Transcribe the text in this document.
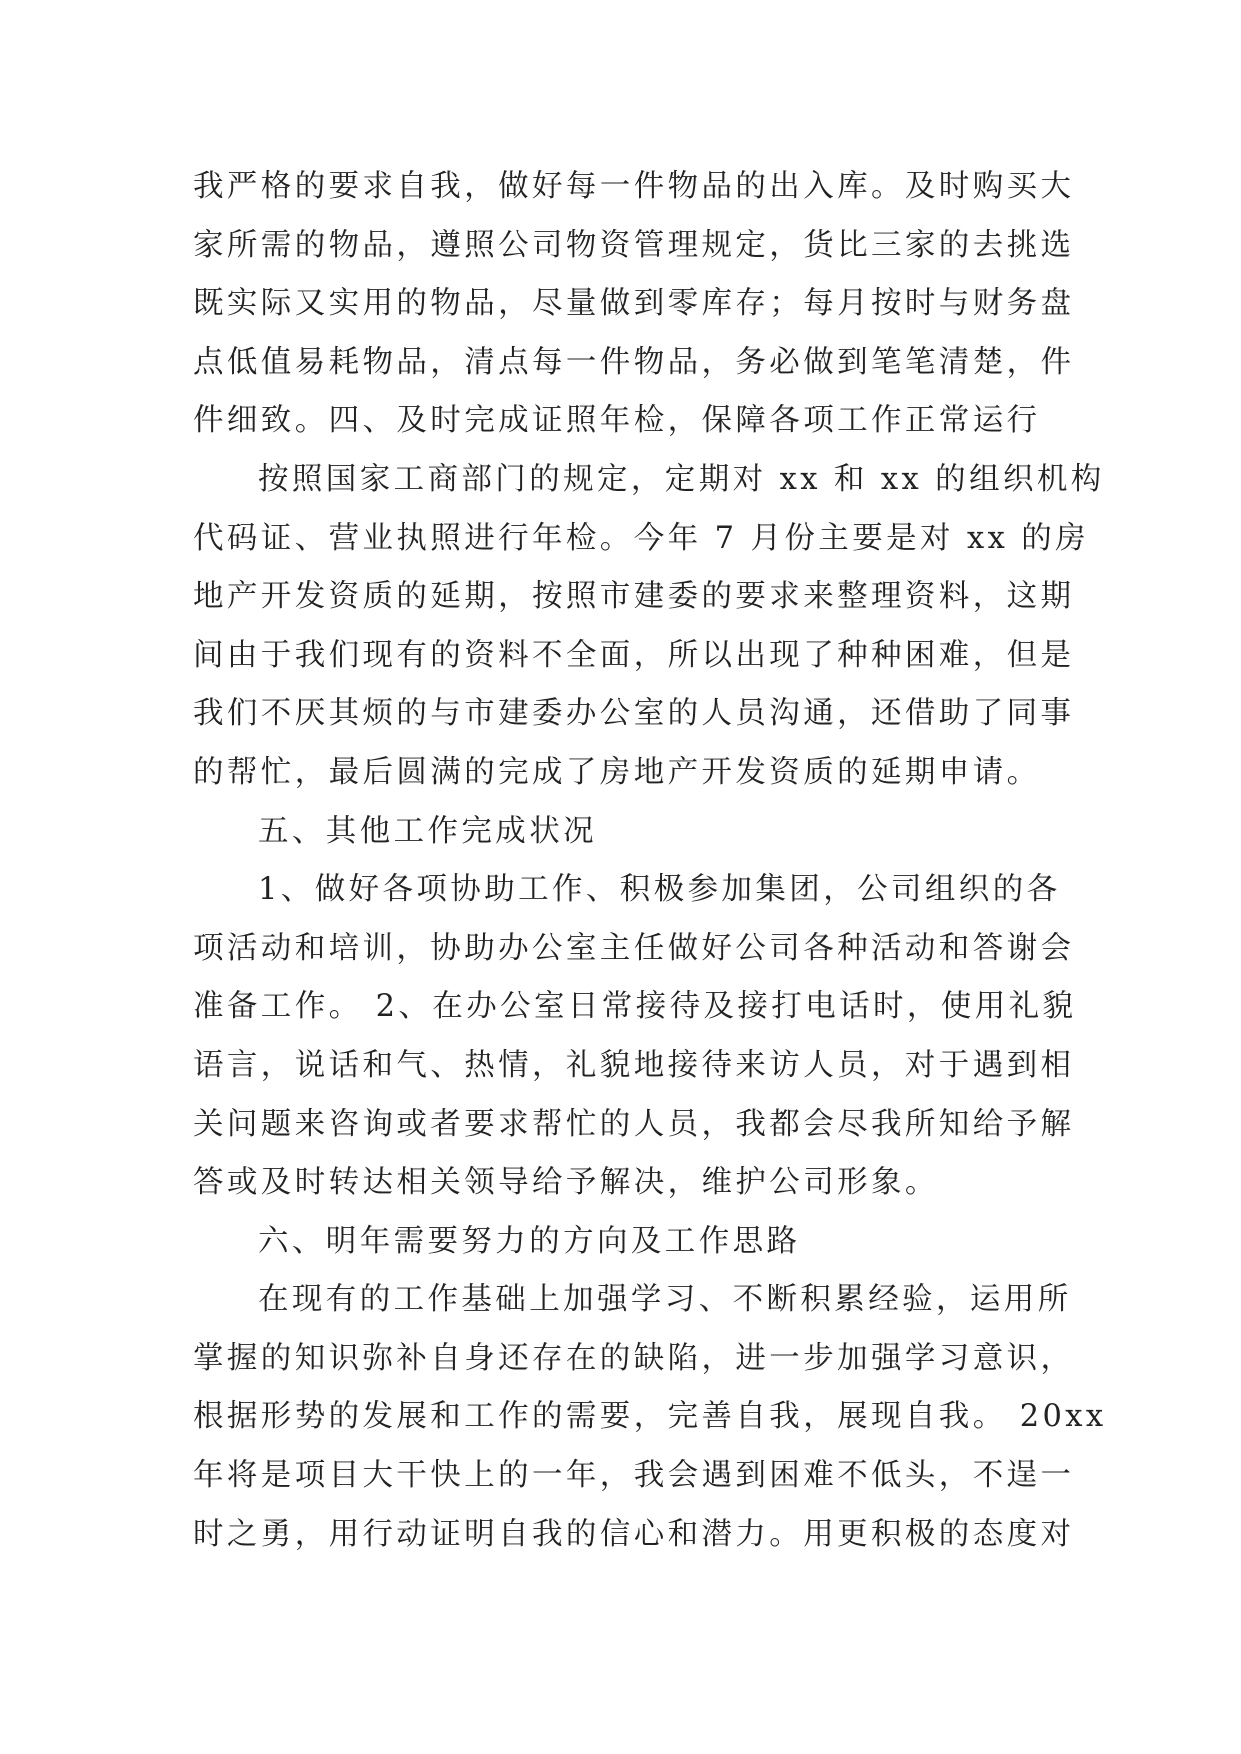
我严格的要求自我，做好每一件物品的出入库。及时购买大
家所需的物品，遵照公司物资管理规定，货比三家的去挑选
既实际又实用的物品，尽量做到零库存；每月按时与财务盘
点低值易耗物品，清点每一件物品，务必做到笔笔清楚，件
件细致。四、及时完成证照年检，保障各项工作正常运行
按照国家工商部门的规定，定期对 xx 和 xx 的组织机构
代码证、营业执照进行年检。今年 7 月份主要是对 xx 的房
地产开发资质的延期，按照市建委的要求来整理资料，这期
间由于我们现有的资料不全面，所以出现了种种困难，但是
我们不厌其烦的与市建委办公室的人员沟通，还借助了同事
的帮忙，最后圆满的完成了房地产开发资质的延期申请。
五、其他工作完成状况
1、做好各项协助工作、积极参加集团，公司组织的各
项活动和培训，协助办公室主任做好公司各种活动和答谢会
准备工作。 2、在办公室日常接待及接打电话时，使用礼貌
语言，说话和气、热情，礼貌地接待来访人员，对于遇到相
关问题来咨询或者要求帮忙的人员，我都会尽我所知给予解
答或及时转达相关领导给予解决，维护公司形象。
六、明年需要努力的方向及工作思路
在现有的工作基础上加强学习、不断积累经验，运用所
掌握的知识弥补自身还存在的缺陷，进一步加强学习意识，
根据形势的发展和工作的需要，完善自我，展现自我。 20xx
年将是项目大干快上的一年，我会遇到困难不低头，不逞一
时之勇，用行动证明自我的信心和潜力。用更积极的态度对
